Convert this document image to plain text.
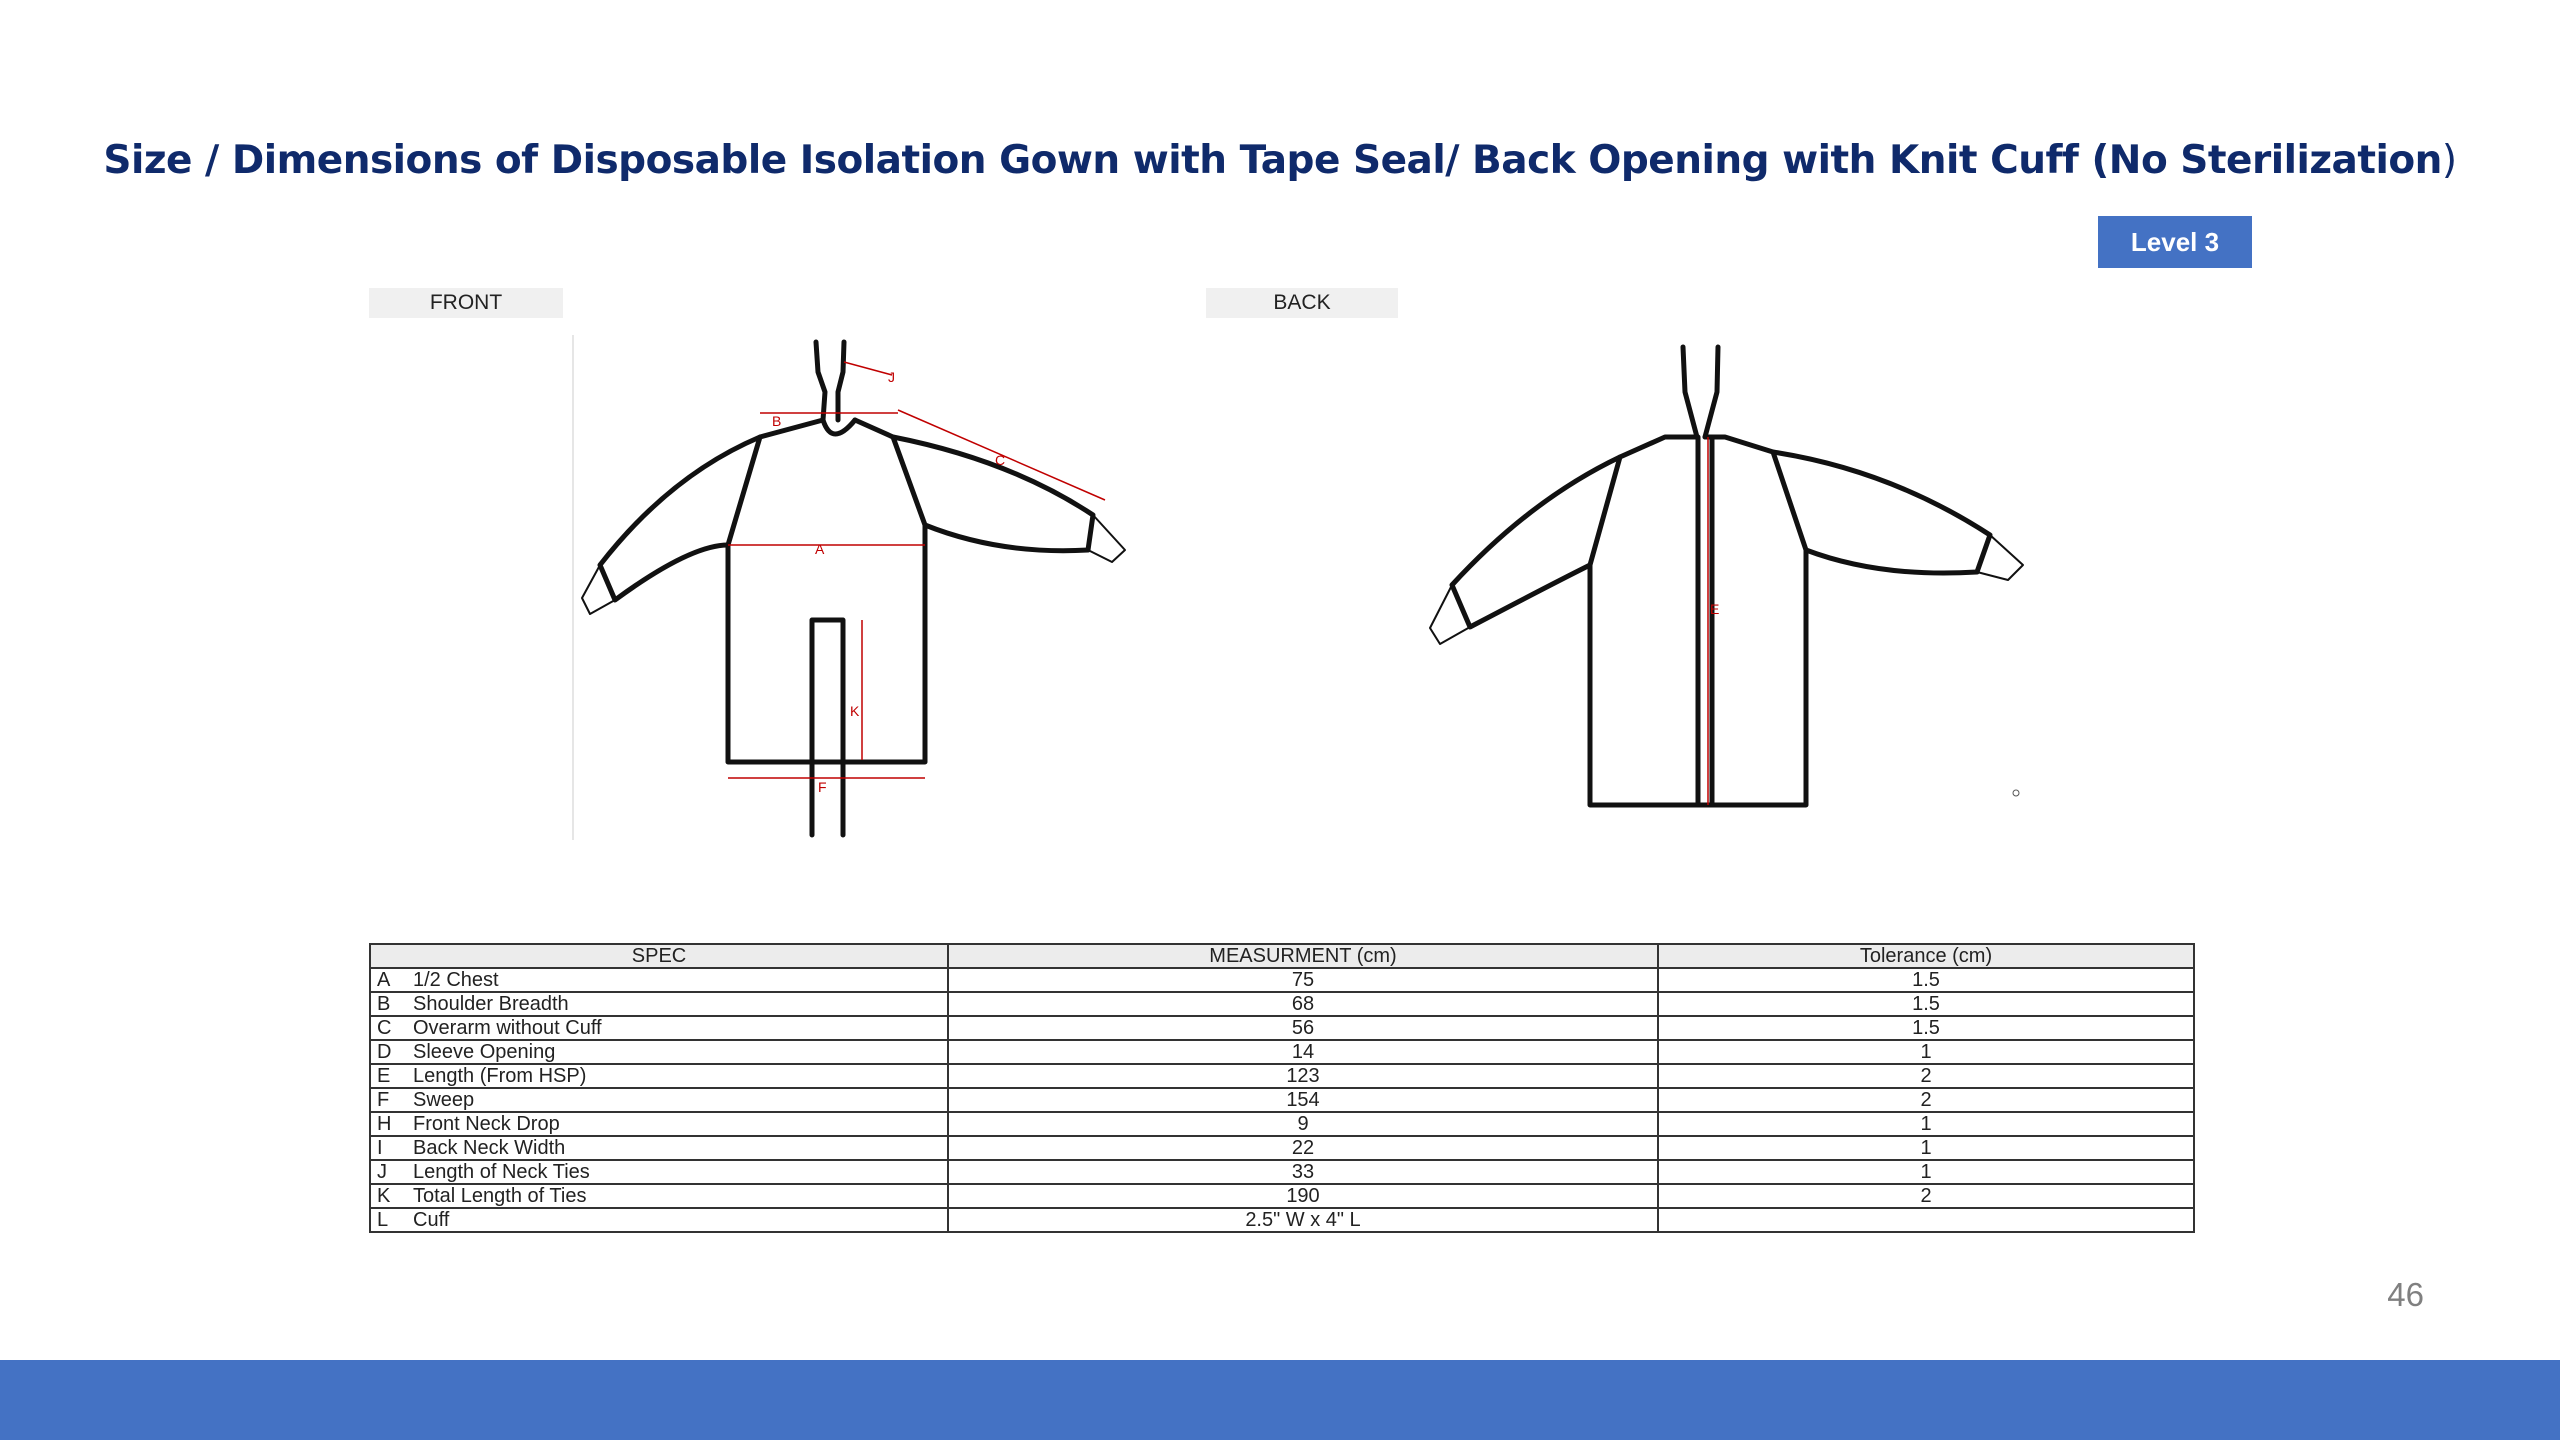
Size / Dimensions of Disposable Isolation Gown with Tape Seal/ Back Opening with Knit Cuff (No Sterilization)
Level 3
FRONT	BACK
J
B
C
A
K
F
E
SPEC	MEASURMENT (cm)	Tolerance (cm)
A 1/2 Chest	75	1.5
B Shoulder Breadth	68	1.5
C Overarm without Cuff	56	1.5
D Sleeve Opening	14	1
E Length (From HSP)	123	2
F Sweep	154	2
H Front Neck Drop	9	1
I Back Neck Width	22	1
J Length of Neck Ties	33	1
K Total Length of Ties	190	2
L Cuff	2.5" W x 4" L	
46
